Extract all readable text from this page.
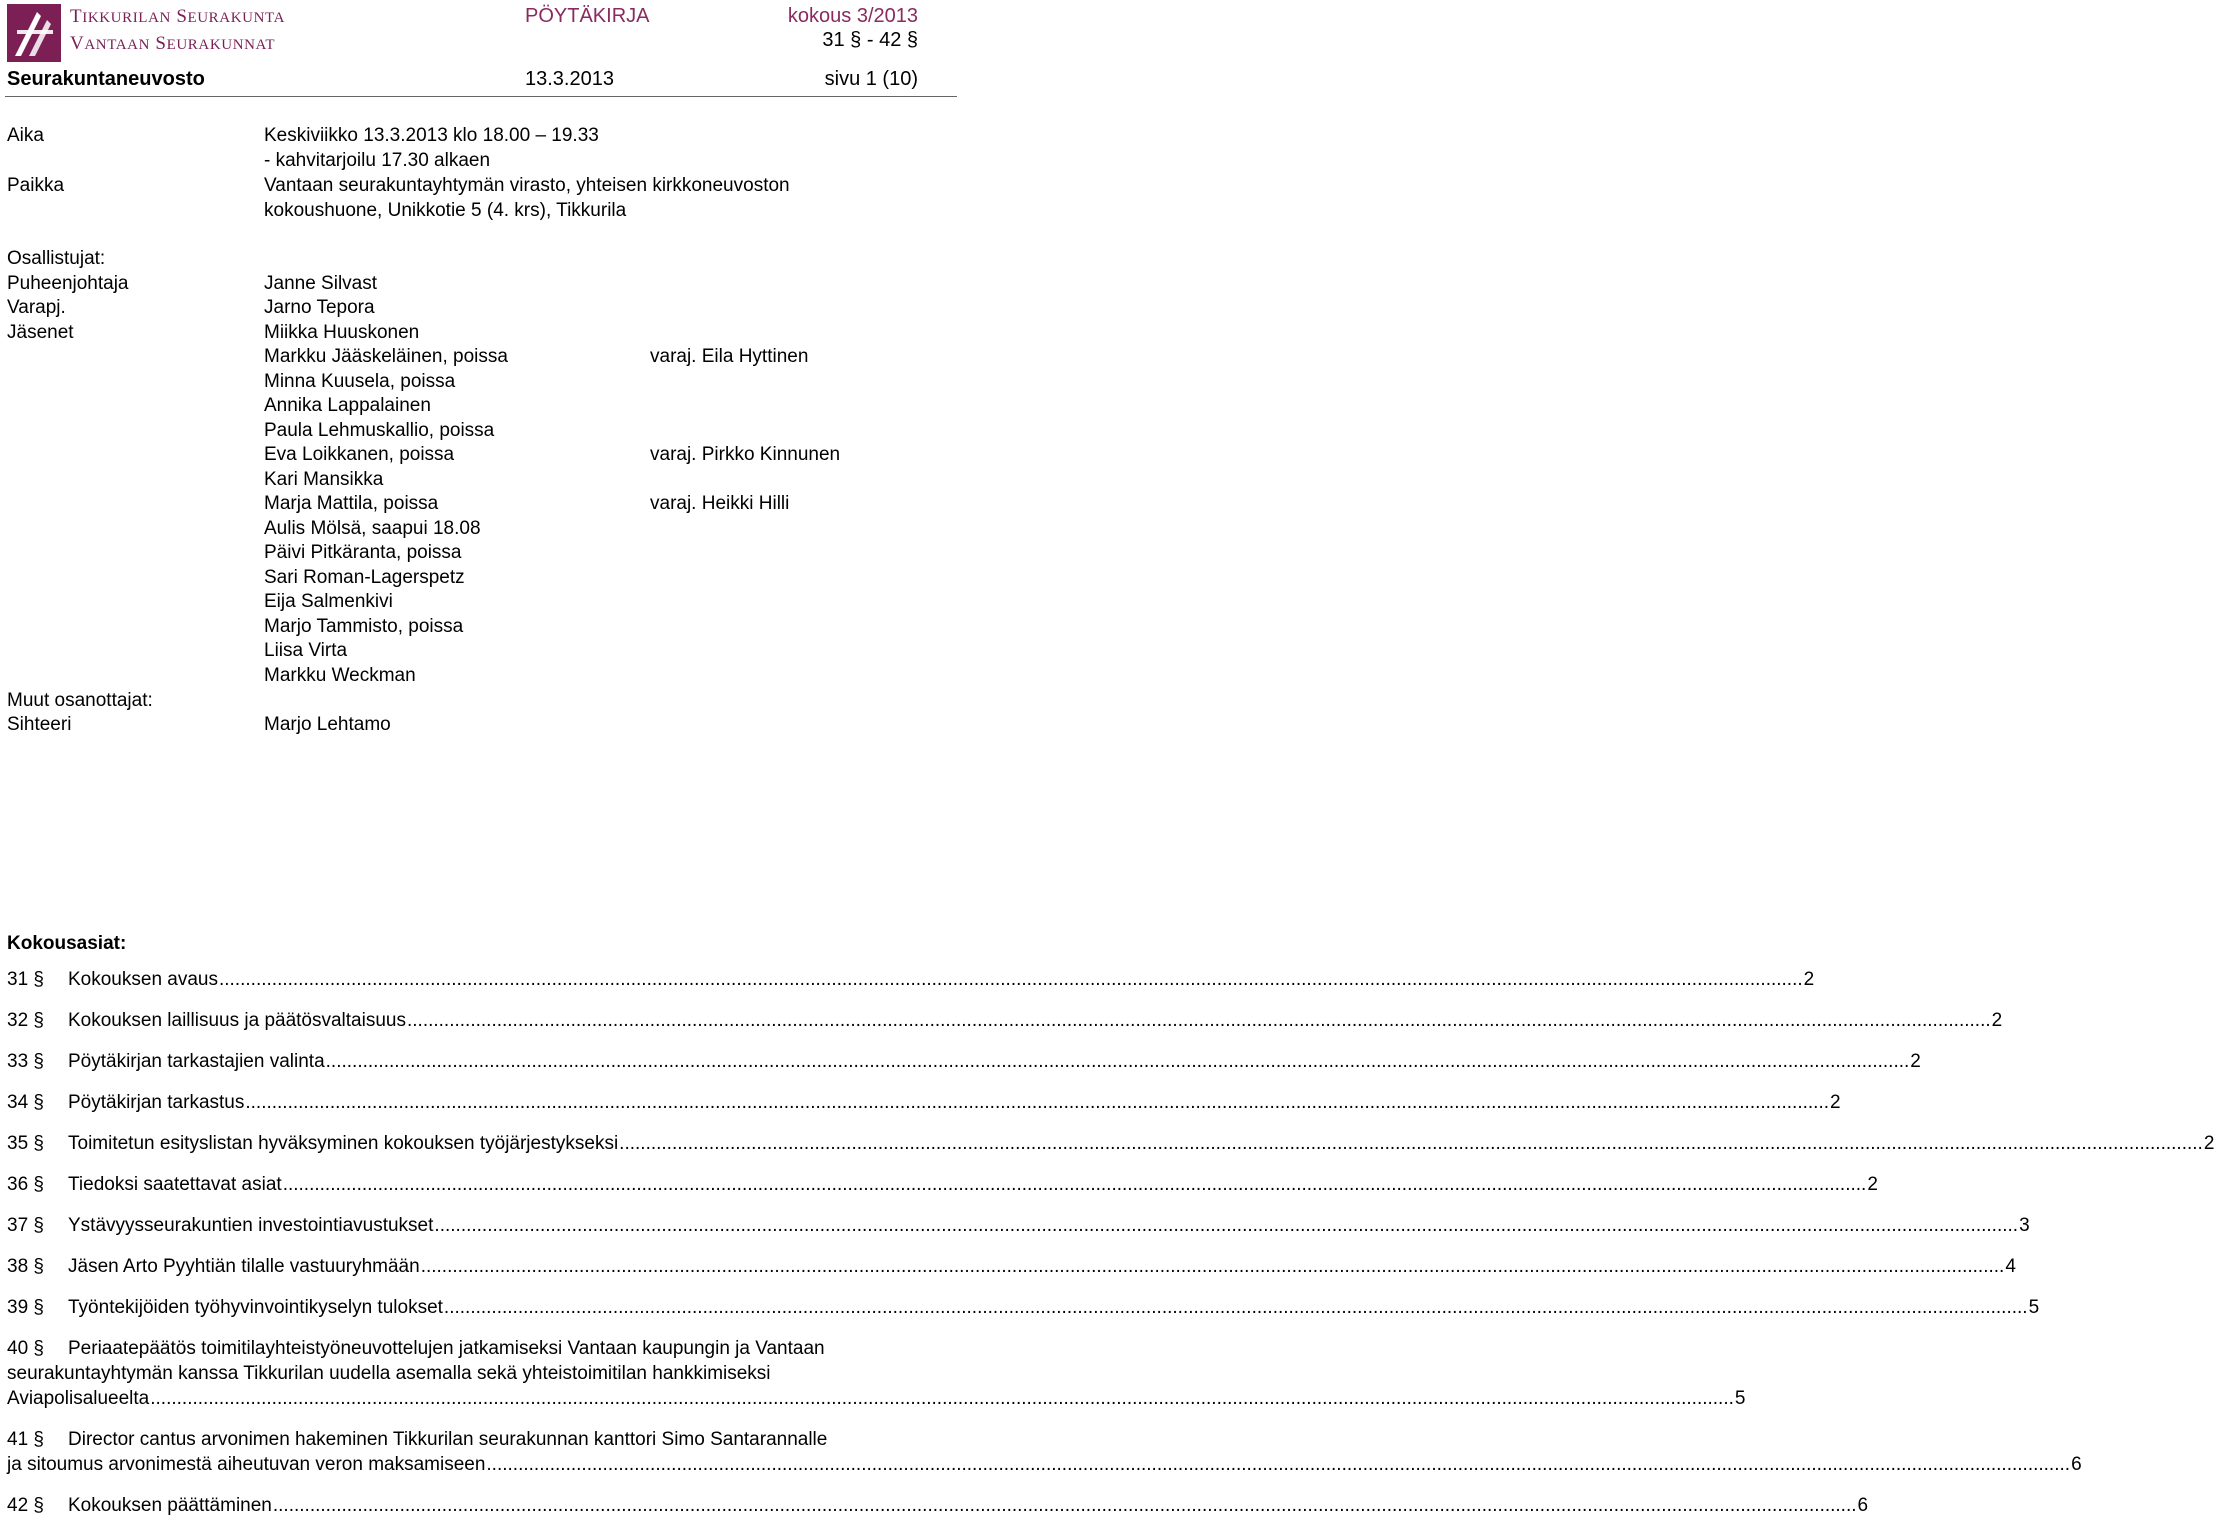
TIKKURILAN SEURAKUNTA
VANTAAN SEURAKUNNAT
PÖYTÄKIRJA	kokous 3/2013
31 § - 42 §
Seurakuntaneuvosto	13.3.2013	sivu 1 (10)
Aika	Keskiviikko 13.3.2013 klo 18.00 – 19.33
- kahvitarjoilu 17.30 alkaen
Paikka	Vantaan seurakuntayhtymän virasto, yhteisen kirkkoneuvoston
kokoushuone, Unikkotie 5 (4. krs), Tikkurila
Osallistujat:
Puheenjohtaja	Janne Silvast
Varapj.	Jarno Tepora
Jäsenet	Miikka Huuskonen
Markku Jääskeläinen, poissa	varaj. Eila Hyttinen
Minna Kuusela, poissa
Annika Lappalainen
Paula Lehmuskallio, poissa
Eva Loikkanen, poissa	varaj. Pirkko Kinnunen
Kari Mansikka
Marja Mattila, poissa	varaj. Heikki Hilli
Aulis Mölsä, saapui 18.08
Päivi Pitkäranta, poissa
Sari Roman-Lagerspetz
Eija Salmenkivi
Marjo Tammisto, poissa
Liisa Virta
Markku Weckman
Muut osanottajat:
Sihteeri	Marjo Lehtamo
Kokousasiat:
31 §	Kokouksen avaus ............................................................................................................................................................................................................................................................................................................ 2
32 §	Kokouksen laillisuus ja päätösvaltaisuus ............................................................................................................................................................................................................................................................................................................ 2
33 §	Pöytäkirjan tarkastajien valinta ............................................................................................................................................................................................................................................................................................................ 2
34 §	Pöytäkirjan tarkastus ............................................................................................................................................................................................................................................................................................................ 2
35 §	Toimitetun esityslistan hyväksyminen kokouksen työjärjestykseksi ............................................................................................................................................................................................................................................................................................................ 2
36 §	Tiedoksi saatettavat asiat ............................................................................................................................................................................................................................................................................................................ 2
37 §	Ystävyysseurakuntien investointiavustukset ............................................................................................................................................................................................................................................................................................................ 3
38 §	Jäsen Arto Pyyhtiän tilalle vastuuryhmään ............................................................................................................................................................................................................................................................................................................ 4
39 §	Työntekijöiden työhyvinvointikyselyn tulokset ............................................................................................................................................................................................................................................................................................................ 5
40 § Periaatepäätös toimitilayhteistyöneuvottelujen jatkamiseksi Vantaan kaupungin ja Vantaan
seurakuntayhtymän kanssa Tikkurilan uudella asemalla sekä yhteistoimitilan hankkimiseksi
Aviapolisalueelta ............................................................................................................................................................................................................................................................................................................ 5
41 § Director cantus arvonimen hakeminen Tikkurilan seurakunnan kanttori Simo Santarannalle
ja sitoumus arvonimestä aiheutuvan veron maksamiseen ............................................................................................................................................................................................................................................................................................................ 6
42 §	Kokouksen päättäminen ............................................................................................................................................................................................................................................................................................................ 6
